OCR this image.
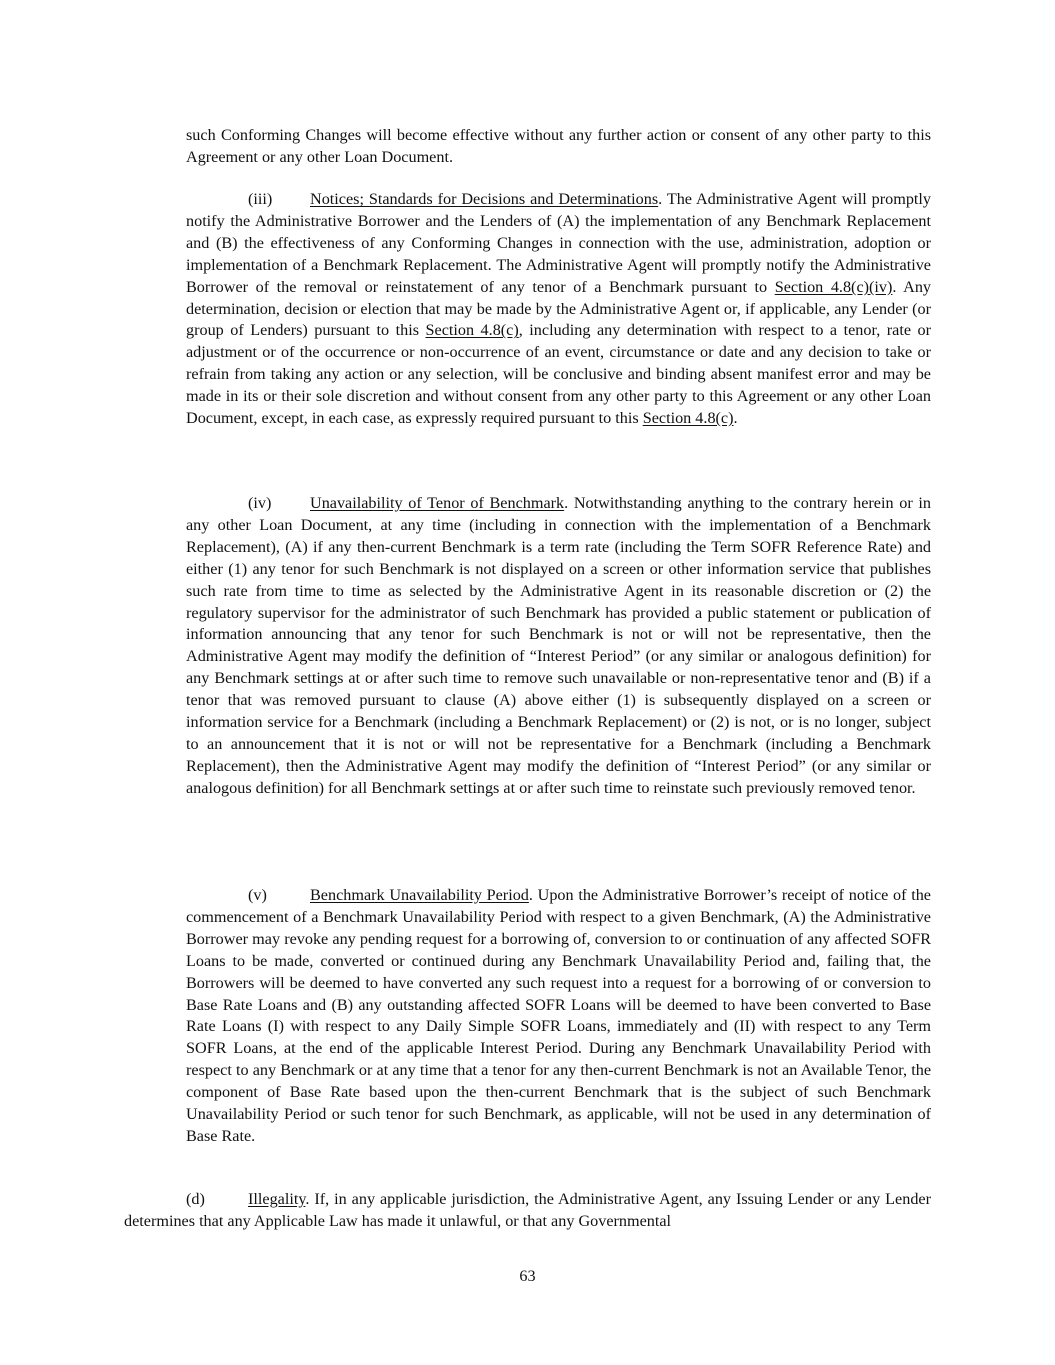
such Conforming Changes will become effective without any further action or consent of any other party to this Agreement or any other Loan Document.

(iii) Notices; Standards for Decisions and Determinations. The Administrative Agent will promptly notify the Administrative Borrower and the Lenders of (A) the implementation of any Benchmark Replacement and (B) the effectiveness of any Conforming Changes in connection with the use, administration, adoption or implementation of a Benchmark Replacement. The Administrative Agent will promptly notify the Administrative Borrower of the removal or reinstatement of any tenor of a Benchmark pursuant to Section 4.8(c)(iv). Any determination, decision or election that may be made by the Administrative Agent or, if applicable, any Lender (or group of Lenders) pursuant to this Section 4.8(c), including any determination with respect to a tenor, rate or adjustment or of the occurrence or non-occurrence of an event, circumstance or date and any decision to take or refrain from taking any action or any selection, will be conclusive and binding absent manifest error and may be made in its or their sole discretion and without consent from any other party to this Agreement or any other Loan Document, except, in each case, as expressly required pursuant to this Section 4.8(c).

(iv) Unavailability of Tenor of Benchmark. Notwithstanding anything to the contrary herein or in any other Loan Document, at any time (including in connection with the implementation of a Benchmark Replacement), (A) if any then-current Benchmark is a term rate (including the Term SOFR Reference Rate) and either (1) any tenor for such Benchmark is not displayed on a screen or other information service that publishes such rate from time to time as selected by the Administrative Agent in its reasonable discretion or (2) the regulatory supervisor for the administrator of such Benchmark has provided a public statement or publication of information announcing that any tenor for such Benchmark is not or will not be representative, then the Administrative Agent may modify the definition of “Interest Period” (or any similar or analogous definition) for any Benchmark settings at or after such time to remove such unavailable or non-representative tenor and (B) if a tenor that was removed pursuant to clause (A) above either (1) is subsequently displayed on a screen or information service for a Benchmark (including a Benchmark Replacement) or (2) is not, or is no longer, subject to an announcement that it is not or will not be representative for a Benchmark (including a Benchmark Replacement), then the Administrative Agent may modify the definition of “Interest Period” (or any similar or analogous definition) for all Benchmark settings at or after such time to reinstate such previously removed tenor.

(v)	Benchmark Unavailability Period. Upon the Administrative Borrower’s receipt of notice of the commencement of a Benchmark Unavailability Period with respect to a given Benchmark, (A) the Administrative Borrower may revoke any pending request for a borrowing of, conversion to or continuation of any affected SOFR Loans to be made, converted or continued during any Benchmark Unavailability Period and, failing that, the Borrowers will be deemed to have converted any such request into a request for a borrowing of or conversion to Base Rate Loans and (B) any outstanding affected SOFR Loans will be deemed to have been converted to Base Rate Loans (I) with respect to any Daily Simple SOFR Loans, immediately and (II) with respect to any Term SOFR Loans, at the end of the applicable Interest Period. During any Benchmark Unavailability Period with respect to any Benchmark or at any time that a tenor for any then-current Benchmark is not an Available Tenor, the component of Base Rate based upon the then-current Benchmark that is the subject of such Benchmark Unavailability Period or such tenor for such Benchmark, as applicable, will not be used in any determination of Base Rate.

(d)	Illegality. If, in any applicable jurisdiction, the Administrative Agent, any Issuing Lender or any Lender determines that any Applicable Law has made it unlawful, or that any Governmental

63
